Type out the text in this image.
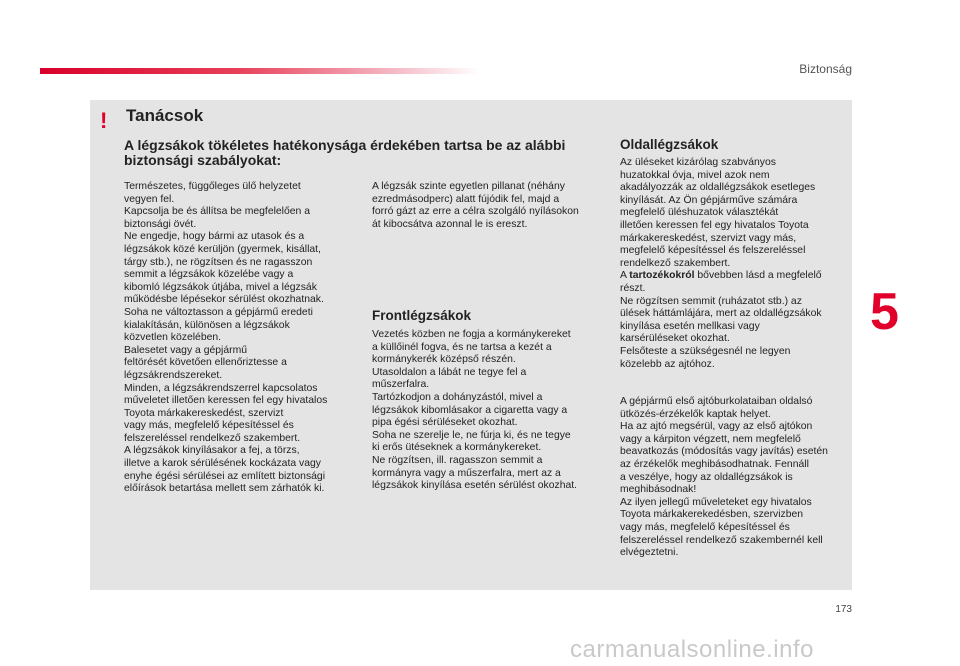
Biztonság
! Tanácsok
A légzsákok tökéletes hatékonysága érdekében tartsa be az alábbi biztonsági szabályokat:
Természetes, függőleges ülő helyzetet
vegyen fel.
Kapcsolja be és állítsa be megfelelően a
biztonsági övét.
Ne engedje, hogy bármi az utasok és a
légzsákok közé kerüljön (gyermek, kisállat,
tárgy stb.), ne rögzítsen és ne ragasszon
semmit a légzsákok közelébe vagy a
kibomló légzsákok útjába, mivel a légzsák
működésbe lépésekor sérülést okozhatnak.
Soha ne változtasson a gépjármű eredeti
kialakításán, különösen a légzsákok
közvetlen közelében.
Balesetet vagy a gépjármű
feltörését követően ellenőriztesse a
légzsákrendszereket.
Minden, a légzsákrendszerrel kapcsolatos
műveletet illetően keressen fel egy hivatalos
Toyota márkakereskedést, szervizt
vagy más, megfelelő képesítéssel és
felszereléssel rendelkező szakembert.
A légzsákok kinyílásakor a fej, a törzs,
illetve a karok sérülésének kockázata vagy
enyhe égési sérülései az említett biztonsági
előírások betartása mellett sem zárhatók ki.
A légzsák szinte egyetlen pillanat (néhány
ezredmásodperc) alatt fújódik fel, majd a
forró gázt az erre a célra szolgáló nyílásokon
át kibocsátva azonnal le is ereszt.
Frontlégzsákok
Vezetés közben ne fogja a kormánykereket
a küllőinél fogva, és ne tartsa a kezét a
kormánykerék középső részén.
Utasoldalon a lábát ne tegye fel a
műszerfalra.
Tartózkodjon a dohányzástól, mivel a
légzsákok kibomlásakor a cigaretta vagy a
pipa égési sérüléseket okozhat.
Soha ne szerelje le, ne fúrja ki, és ne tegye
ki erős ütéseknek a kormánykereket.
Ne rögzítsen, ill. ragasszon semmit a
kormányra vagy a műszerfalra, mert az a
légzsákok kinyílása esetén sérülést okozhat.
Oldallégzsákok
Az üléseket kizárólag szabványos
huzatokkal óvja, mivel azok nem
akadályozzák az oldallégzsákok esetleges
kinyílását. Az Ön gépjárműve számára
megfelelő üléshuzatok választékát
illetően keressen fel egy hivatalos Toyota
márkakereskedést, szervizt vagy más,
megfelelő képesítéssel és felszereléssel
rendelkező szakembert.
A tartozékokról bővebben lásd a megfelelő
részt.
Ne rögzítsen semmit (ruházatot stb.) az
ülések háttámlájára, mert az oldallégzsákok
kinyílása esetén mellkasi vagy
karsérüléseket okozhat.
Felsőteste a szükségesnél ne legyen
közelebb az ajtóhoz.
A gépjármű első ajtóburkolataiban oldalsó
ütközés-érzékelők kaptak helyet.
Ha az ajtó megsérül, vagy az első ajtókon
vagy a kárpiton végzett, nem megfelelő
beavatkozás (módosítás vagy javítás) esetén
az érzékelők meghibásodhatnak. Fennáll
a veszélye, hogy az oldallégzsákok is
meghibásodnak!
Az ilyen jellegű műveleteket egy hivatalos
Toyota márkakerekedésben, szervizben
vagy más, megfelelő képesítéssel és
felszereléssel rendelkező szakembernél kell
elvégeztetni.
5
173
carmanualsonline.info
